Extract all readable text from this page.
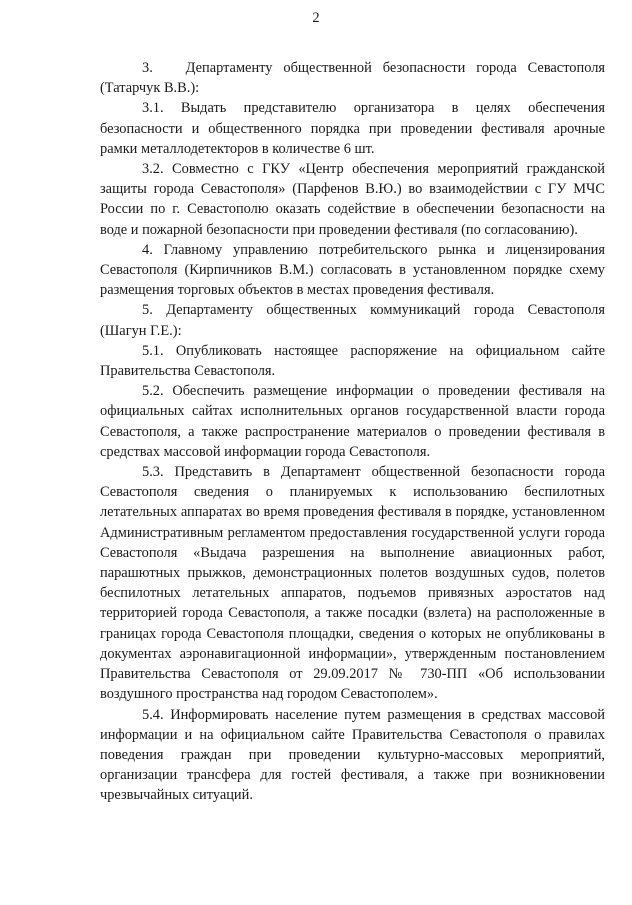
2

3.   Департаменту общественной безопасности города Севастополя (Татарчук В.В.):

3.1. Выдать представителю организатора в целях обеспечения безопасности и общественного порядка при проведении фестиваля арочные рамки металлодетекторов в количестве 6 шт.

3.2. Совместно с ГКУ «Центр обеспечения мероприятий гражданской защиты города Севастополя» (Парфенов В.Ю.) во взаимодействии с ГУ МЧС России по г. Севастополю оказать содействие в обеспечении безопасности на воде и пожарной безопасности при проведении фестиваля (по согласованию).

4. Главному управлению потребительского рынка и лицензирования Севастополя (Кирпичников В.М.) согласовать в установленном порядке схему размещения торговых объектов в местах проведения фестиваля.

5. Департаменту общественных коммуникаций города Севастополя (Шагун Г.Е.):

5.1. Опубликовать настоящее распоряжение на официальном сайте Правительства Севастополя.

5.2. Обеспечить размещение информации о проведении фестиваля на официальных сайтах исполнительных органов государственной власти города Севастополя, а также распространение материалов о проведении фестиваля в средствах массовой информации города Севастополя.

5.3. Представить в Департамент общественной безопасности города Севастополя сведения о планируемых к использованию беспилотных летательных аппаратах во время проведения фестиваля в порядке, установленном Административным регламентом предоставления государственной услуги города Севастополя «Выдача разрешения на выполнение авиационных работ, парашютных прыжков, демонстрационных полетов воздушных судов, полетов беспилотных летательных аппаратов, подъемов привязных аэростатов над территорией города Севастополя, а также посадки (взлета) на расположенные в границах города Севастополя площадки, сведения о которых не опубликованы в документах аэронавигационной информации», утвержденным постановлением Правительства Севастополя от 29.09.2017 № 730-ПП «Об использовании воздушного пространства над городом Севастополем».

5.4. Информировать население путем размещения в средствах массовой информации и на официальном сайте Правительства Севастополя о правилах поведения граждан при проведении культурно-массовых мероприятий, организации трансфера для гостей фестиваля, а также при возникновении чрезвычайных ситуаций.
